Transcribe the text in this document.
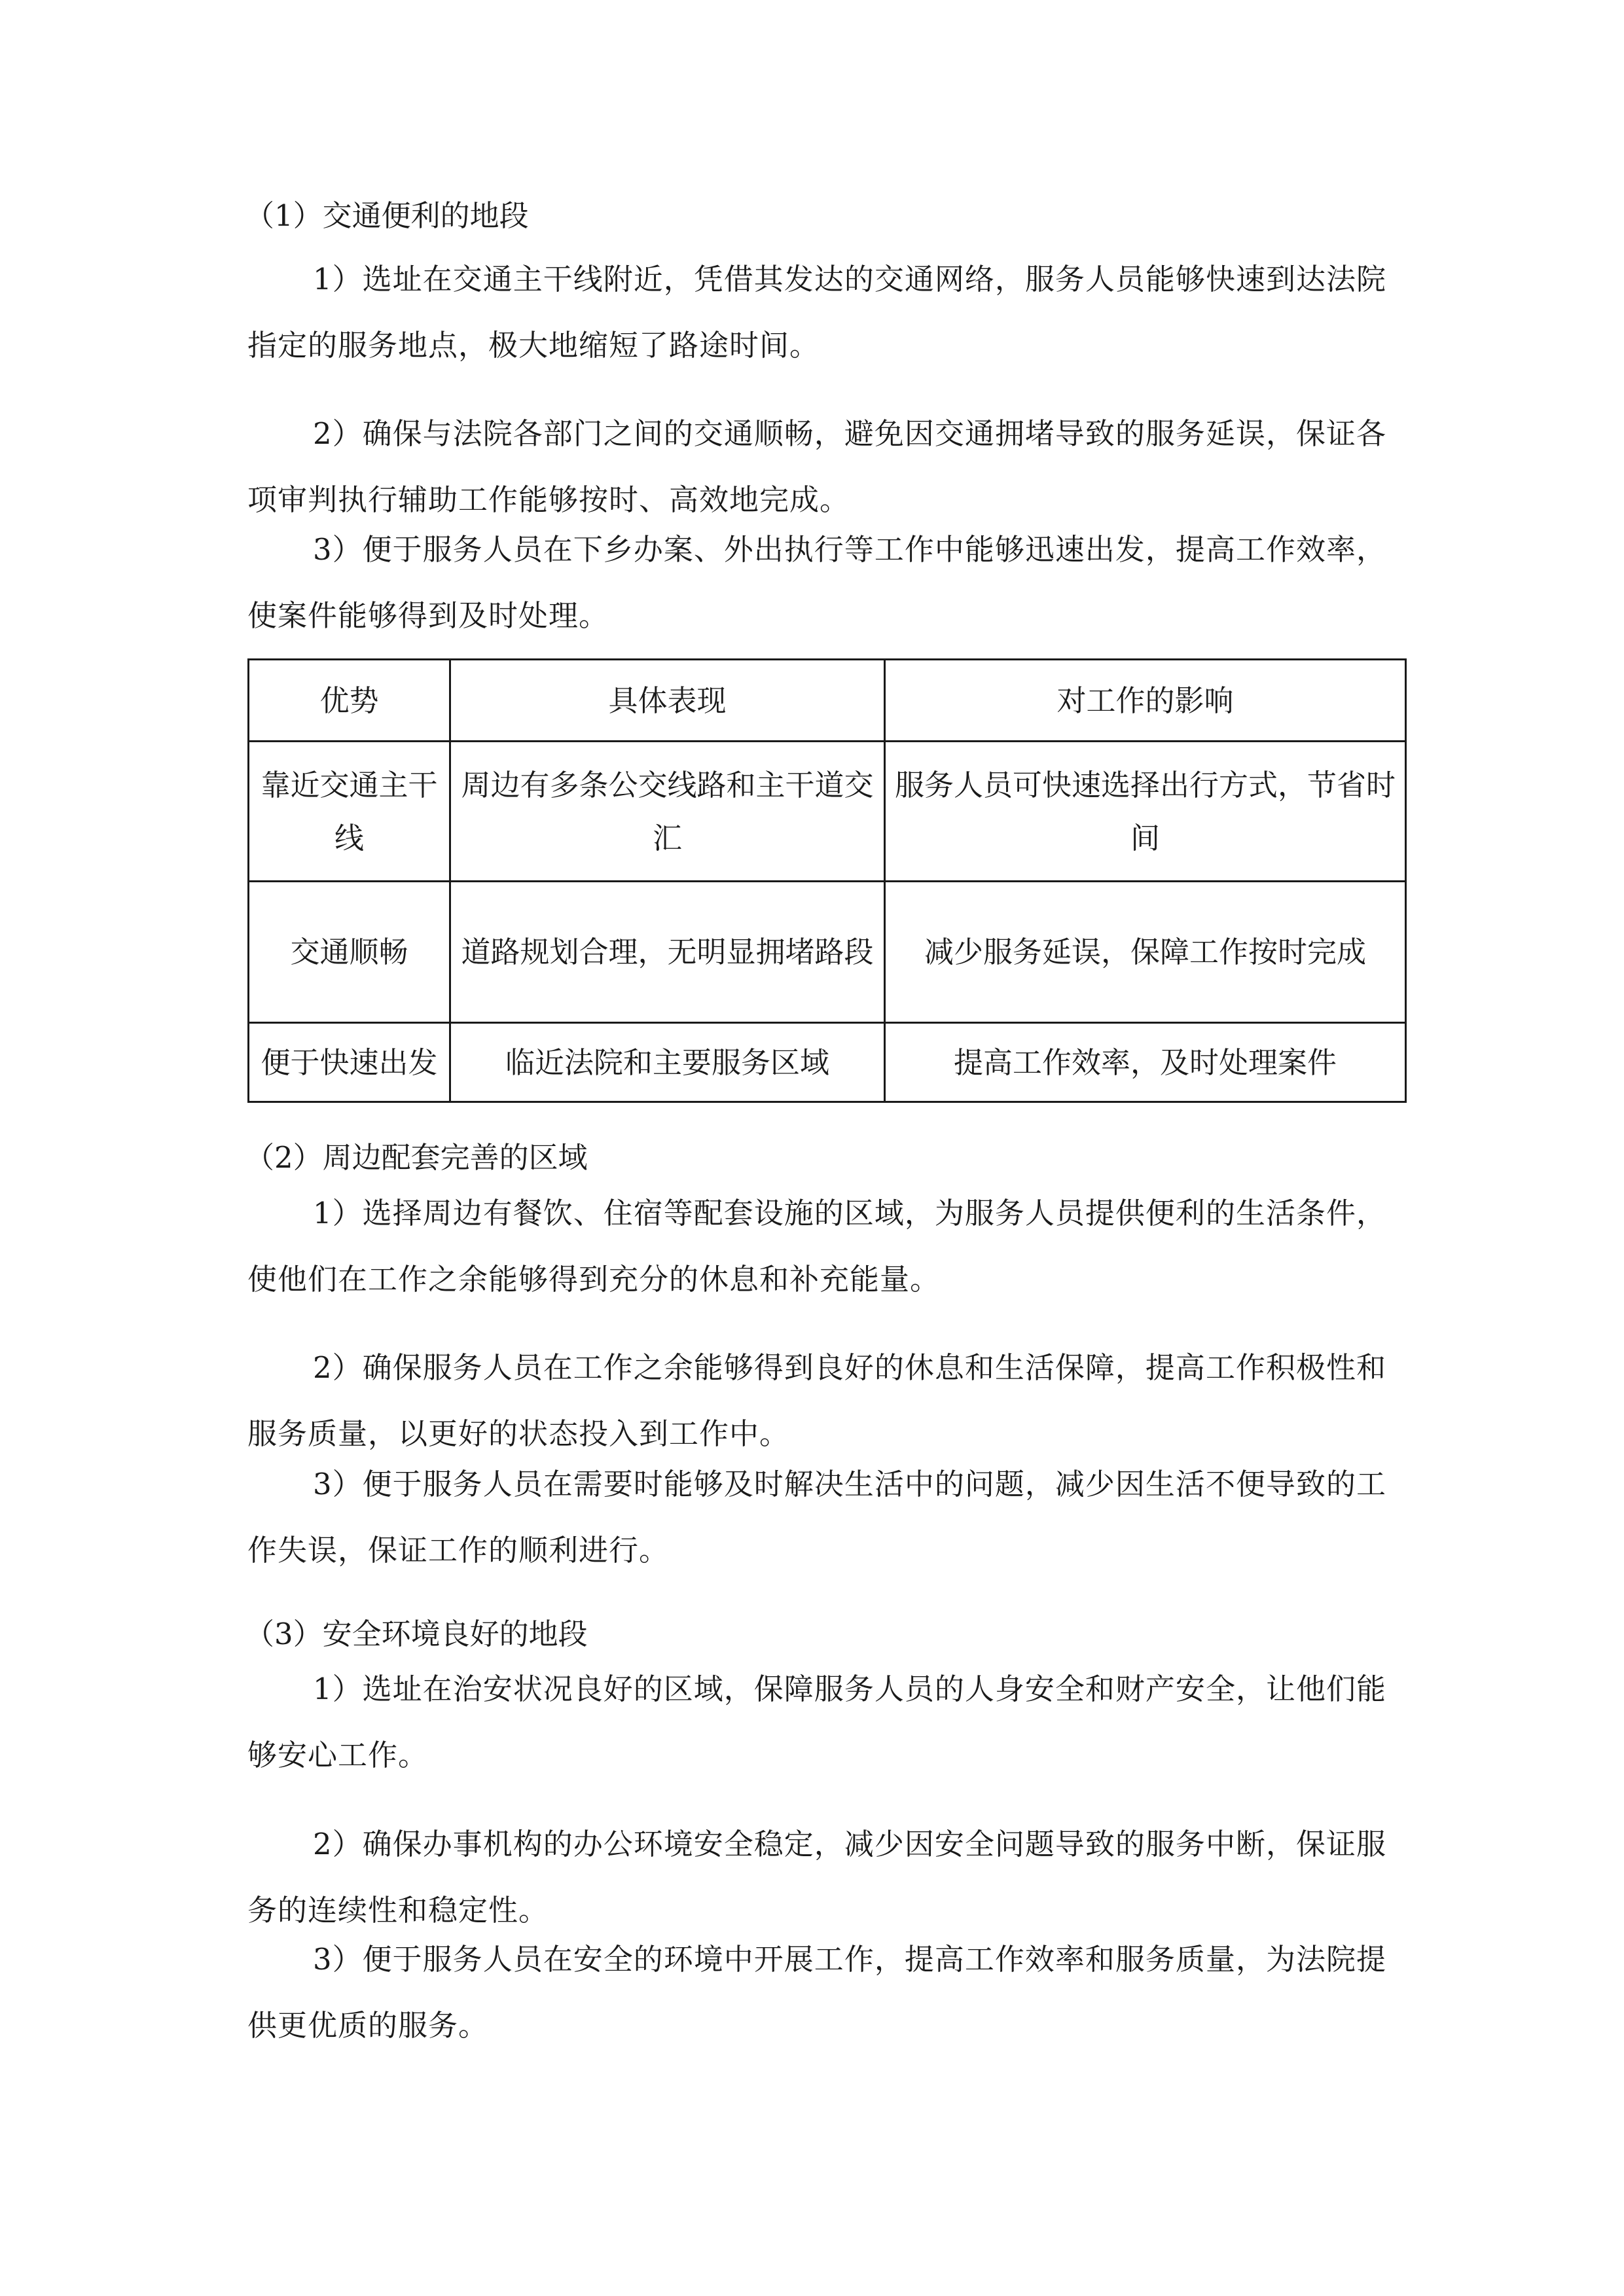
（1）交通便利的地段

1）选址在交通主干线附近，凭借其发达的交通网络，服务人员能够快速到达法院指定的服务地点，极大地缩短了路途时间。

2）确保与法院各部门之间的交通顺畅，避免因交通拥堵导致的服务延误，保证各项审判执行辅助工作能够按时、高效地完成。

3）便于服务人员在下乡办案、外出执行等工作中能够迅速出发，提高工作效率，使案件能够得到及时处理。

优势	具体表现	对工作的影响
靠近交通主干线	周边有多条公交线路和主干道交汇	服务人员可快速选择出行方式，节省时间
交通顺畅	道路规划合理，无明显拥堵路段	减少服务延误，保障工作按时完成
便于快速出发	临近法院和主要服务区域	提高工作效率，及时处理案件
（2）周边配套完善的区域

1）选择周边有餐饮、住宿等配套设施的区域，为服务人员提供便利的生活条件，使他们在工作之余能够得到充分的休息和补充能量。

2）确保服务人员在工作之余能够得到良好的休息和生活保障，提高工作积极性和服务质量，以更好的状态投入到工作中。

3）便于服务人员在需要时能够及时解决生活中的问题，减少因生活不便导致的工作失误，保证工作的顺利进行。

（3）安全环境良好的地段

1）选址在治安状况良好的区域，保障服务人员的人身安全和财产安全，让他们能够安心工作。

2）确保办事机构的办公环境安全稳定，减少因安全问题导致的服务中断，保证服务的连续性和稳定性。

3）便于服务人员在安全的环境中开展工作，提高工作效率和服务质量，为法院提供更优质的服务。
